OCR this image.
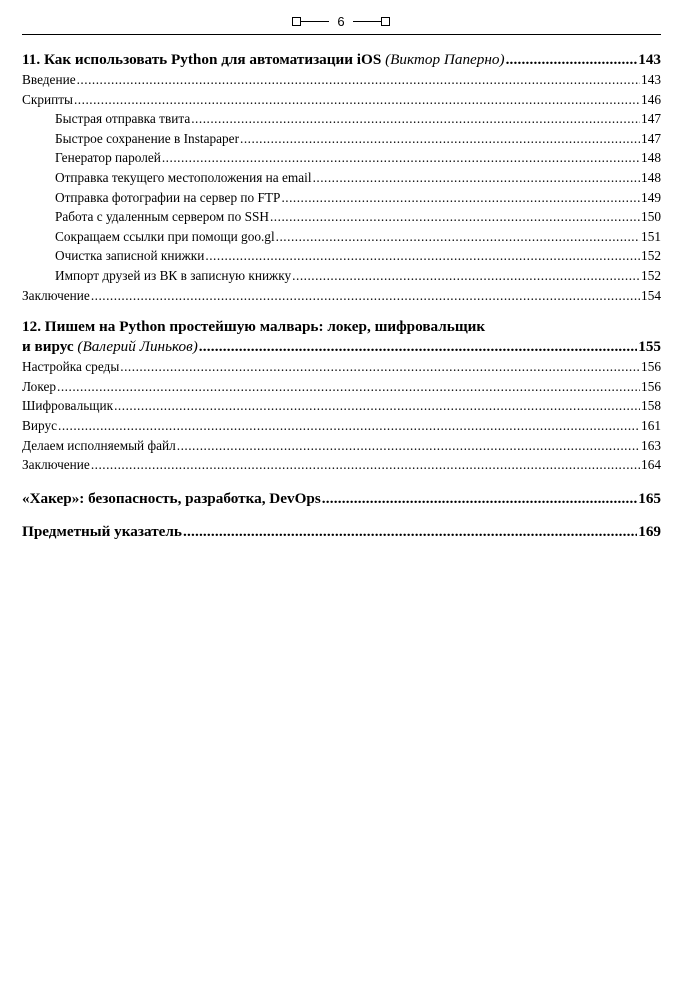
6
11. Как использовать Python для автоматизации iOS (Виктор Паперно) .....	143
Введение .....	143
Скрипты .....	146
Быстрая отправка твита .....	147
Быстрое сохранение в Instapaper .....	147
Генератор паролей .....	148
Отправка текущего местоположения на email .....	148
Отправка фотографии на сервер по FTP .....	149
Работа с удаленным сервером по SSH .....	150
Сокращаем ссылки при помощи goo.gl .....	151
Очистка записной книжки .....	152
Импорт друзей из ВК в записную книжку .....	152
Заключение .....	154
12. Пишем на Python простейшую малварь: локер, шифровальщик
и вирус (Валерий Линьков) .....	155
Настройка среды .....	156
Локер .....	156
Шифровальщик .....	158
Вирус .....	161
Делаем исполняемый файл .....	163
Заключение .....	164
«Хакер»: безопасность, разработка, DevOps .....	165
Предметный указатель .....	169
